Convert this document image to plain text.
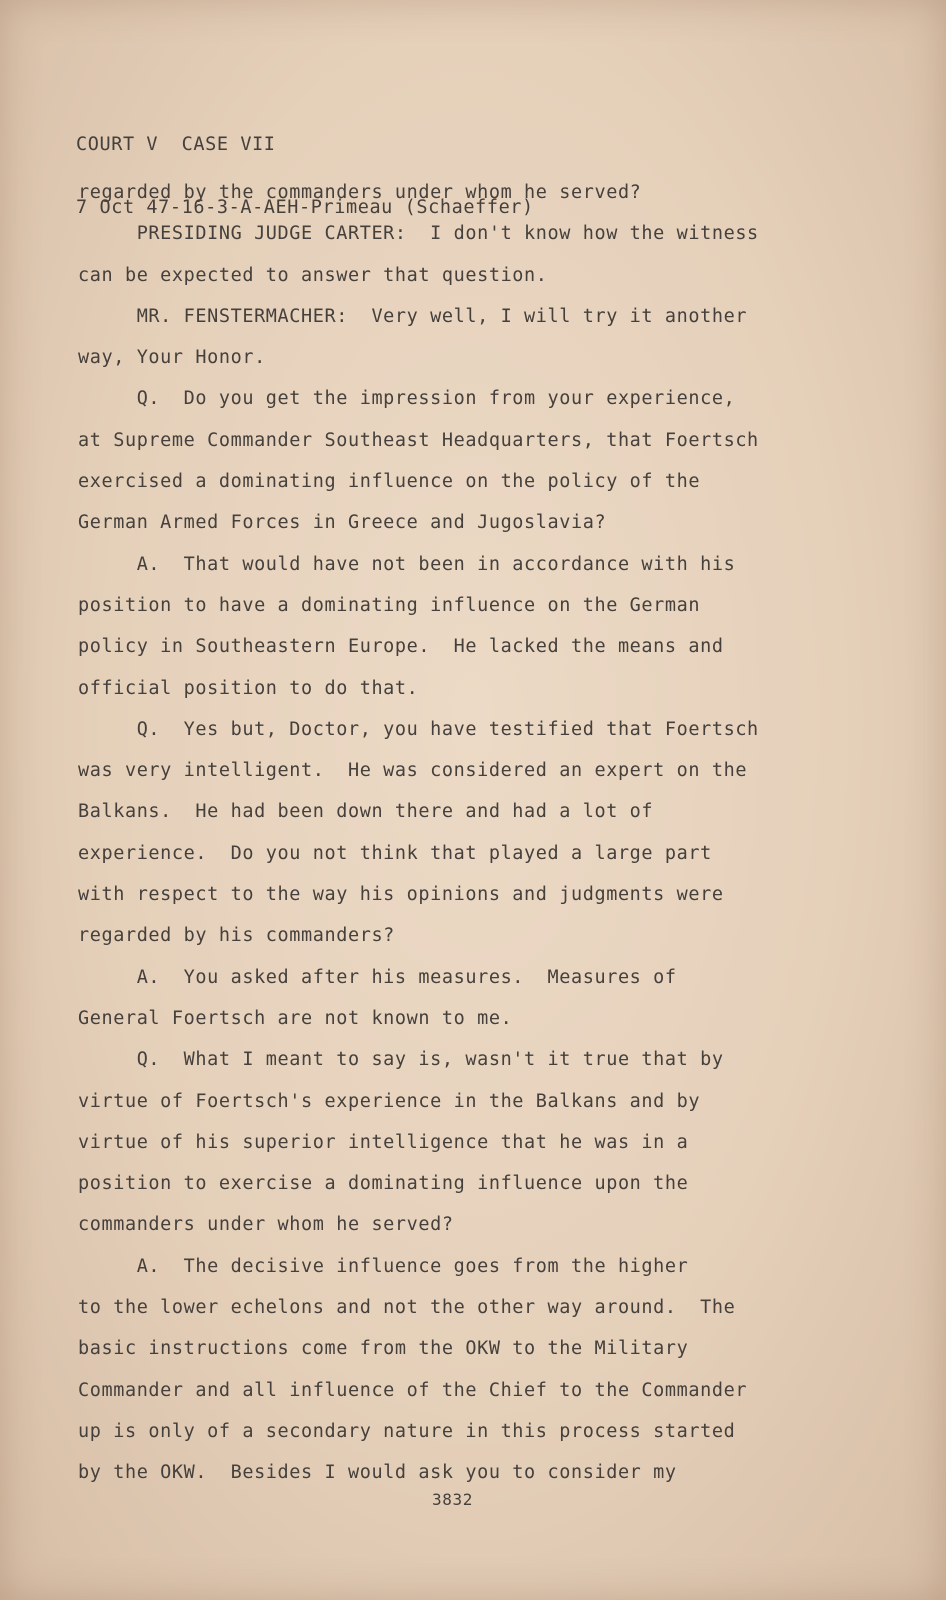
COURT V  CASE VII

7 Oct 47-16-3-A-AEH-Primeau (Schaeffer)

regarded by the commanders under whom he served?
PRESIDING JUDGE CARTER:  I don't know how the witness
can be expected to answer that question.
MR. FENSTERMACHER:  Very well, I will try it another
way, Your Honor.
Q.  Do you get the impression from your experience,
at Supreme Commander Southeast Headquarters, that Foertsch
exercised a dominating influence on the policy of the
German Armed Forces in Greece and Jugoslavia?
A.  That would have not been in accordance with his
position to have a dominating influence on the German
policy in Southeastern Europe.  He lacked the means and
official position to do that.
Q.  Yes but, Doctor, you have testified that Foertsch
was very intelligent.  He was considered an expert on the
Balkans.  He had been down there and had a lot of
experience.  Do you not think that played a large part
with respect to the way his opinions and judgments were
regarded by his commanders?
A.  You asked after his measures.  Measures of
General Foertsch are not known to me.
Q.  What I meant to say is, wasn't it true that by
virtue of Foertsch's experience in the Balkans and by
virtue of his superior intelligence that he was in a
position to exercise a dominating influence upon the
commanders under whom he served?
A.  The decisive influence goes from the higher
to the lower echelons and not the other way around.  The
basic instructions come from the OKW to the Military
Commander and all influence of the Chief to the Commander
up is only of a secondary nature in this process started
by the OKW.  Besides I would ask you to consider my
3832
